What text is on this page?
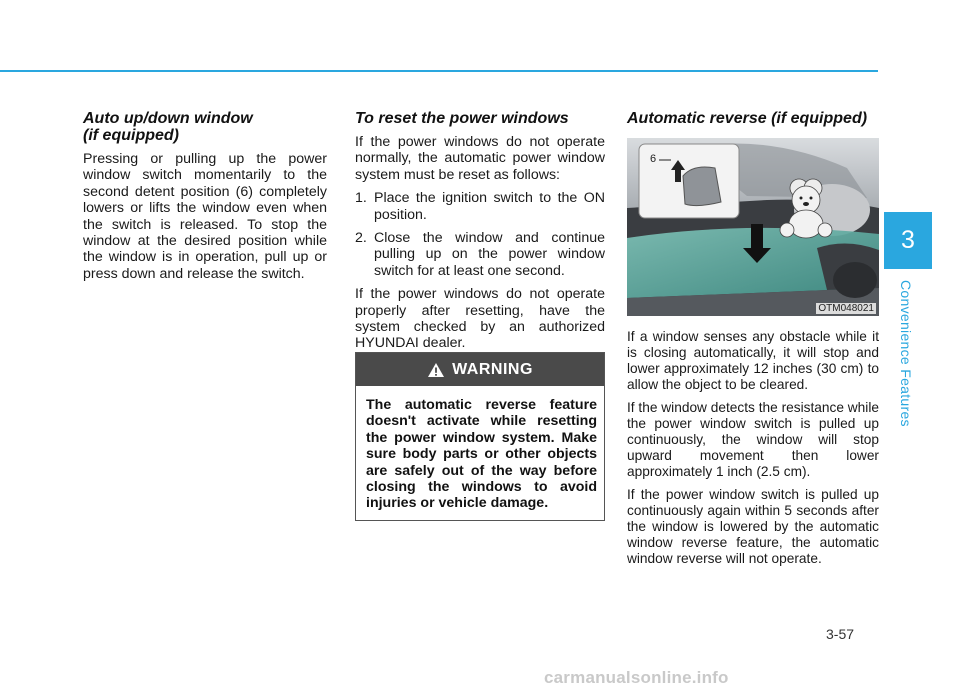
Auto up/down window
(if equipped)

Pressing or pulling up the power window switch momentarily to the second detent position (6) completely lowers or lifts the window even when the switch is released. To stop the window at the desired position while the window is in operation, pull up or press down and release the switch.

To reset the power windows

If the power windows do not operate normally, the automatic power window system must be reset as follows:

1. Place the ignition switch to the ON position.
2. Close the window and continue pulling up on the power window switch for at least one second.

If the power windows do not operate properly after resetting, have the system checked by an authorized HYUNDAI dealer.

WARNING
The automatic reverse feature doesn't activate while resetting the power window system. Make sure body parts or other objects are safely out of the way before closing the windows to avoid injuries or vehicle damage.
Automatic reverse (if equipped)
6
OTM048021

If a window senses any obstacle while it is closing automatically, it will stop and lower approximately 12 inches (30 cm) to allow the object to be cleared.

If the window detects the resistance while the power window switch is pulled up continuously, the window will stop upward movement then lower approximately 1 inch (2.5 cm).

If the power window switch is pulled up continuously again within 5 seconds after the window is lowered by the automatic window reverse feature, the automatic window reverse will not operate.

3
Convenience Features
3-57
carmanualsonline.info
